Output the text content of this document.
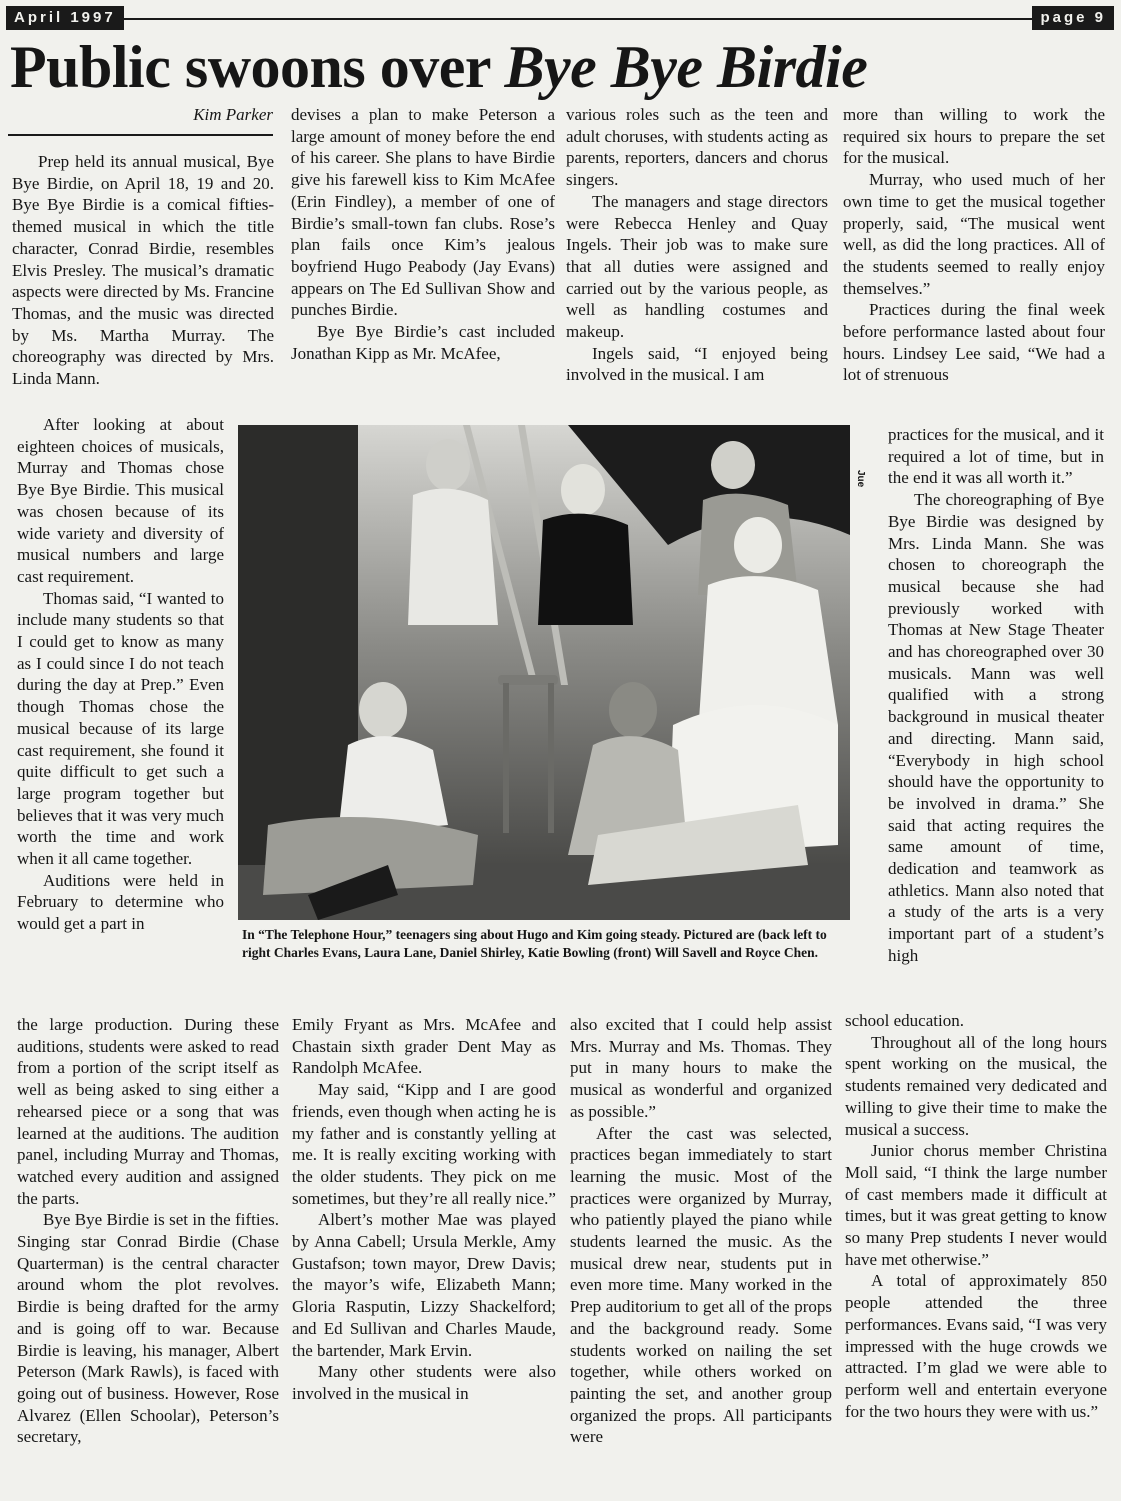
April 1997	page 9
Public swoons over Bye Bye Birdie
Kim Parker

Prep held its annual musical, Bye Bye Birdie, on April 18, 19 and 20. Bye Bye Birdie is a comical fifties-themed musical in which the title character, Conrad Birdie, resembles Elvis Presley. The musical’s dramatic aspects were directed by Ms. Francine Thomas, and the music was directed by Ms. Martha Murray. The choreography was directed by Mrs. Linda Mann.

After looking at about eighteen choices of musicals, Murray and Thomas chose Bye Bye Birdie. This musical was chosen because of its wide variety and diversity of musical numbers and large cast requirement.

Thomas said, “I wanted to include many students so that I could get to know as many as I could since I do not teach during the day at Prep.” Even though Thomas chose the musical because of its large cast requirement, she found it quite difficult to get such a large program together but believes that it was very much worth the time and work when it all came together.

Auditions were held in February to determine who would get a part in

the large production. During these auditions, students were asked to read from a portion of the script itself as well as being asked to sing either a rehearsed piece or a song that was learned at the auditions. The audition panel, including Murray and Thomas, watched every audition and assigned the parts.

Bye Bye Birdie is set in the fifties. Singing star Conrad Birdie (Chase Quarterman) is the central character around whom the plot revolves. Birdie is being drafted for the army and is going off to war. Because Birdie is leaving, his manager, Albert Peterson (Mark Rawls), is faced with going out of business. However, Rose Alvarez (Ellen Schoolar), Peterson’s secretary,

devises a plan to make Peterson a large amount of money before the end of his career. She plans to have Birdie give his farewell kiss to Kim McAfee (Erin Findley), a member of one of Birdie’s small-town fan clubs. Rose’s plan fails once Kim’s jealous boyfriend Hugo Peabody (Jay Evans) appears on The Ed Sullivan Show and punches Birdie.

Bye Bye Birdie’s cast included Jonathan Kipp as Mr. McAfee,

Emily Fryant as Mrs. McAfee and Chastain sixth grader Dent May as Randolph McAfee.

May said, “Kipp and I are good friends, even though when acting he is my father and is constantly yelling at me. It is really exciting working with the older students. They pick on me sometimes, but they’re all really nice.”

Albert’s mother Mae was played by Anna Cabell; Ursula Merkle, Amy Gustafson; town mayor, Drew Davis; the mayor’s wife, Elizabeth Mann; Gloria Rasputin, Lizzy Shackelford; and Ed Sullivan and Charles Maude, the bartender, Mark Ervin.

Many other students were also involved in the musical in

various roles such as the teen and adult choruses, with students acting as parents, reporters, dancers and chorus singers.

The managers and stage directors were Rebecca Henley and Quay Ingels. Their job was to make sure that all duties were assigned and carried out by the various people, as well as handling costumes and makeup.

Ingels said, “I enjoyed being involved in the musical. I am

also excited that I could help assist Mrs. Murray and Ms. Thomas. They put in many hours to make the musical as wonderful and organized as possible.”

After the cast was selected, practices began immediately to start learning the music. Most of the practices were organized by Murray, who patiently played the piano while students learned the music. As the musical drew near, students put in even more time. Many worked in the Prep auditorium to get all of the props and the background ready. Some students worked on nailing the set together, while others worked on painting the set, and another group organized the props. All participants were

more than willing to work the required six hours to prepare the set for the musical.

Murray, who used much of her own time to get the musical together properly, said, “The musical went well, as did the long practices. All of the students seemed to really enjoy themselves.”

Practices during the final week before performance lasted about four hours. Lindsey Lee said, “We had a lot of strenuous

practices for the musical, and it required a lot of time, but in the end it was all worth it.”

The choreographing of Bye Bye Birdie was designed by Mrs. Linda Mann. She was chosen to choreograph the musical because she had previously worked with Thomas at New Stage Theater and has choreographed over 30 musicals. Mann was well qualified with a strong background in musical theater and directing. Mann said, “Everybody in high school should have the opportunity to be involved in drama.” She said that acting requires the same amount of time, dedication and teamwork as athletics. Mann also noted that a study of the arts is a very important part of a student’s high

school education.

Throughout all of the long hours spent working on the musical, the students remained very dedicated and willing to give their time to make the musical a success.

Junior chorus member Christina Moll said, “I think the large number of cast members made it difficult at times, but it was great getting to know so many Prep students I never would have met otherwise.”

A total of approximately 850 people attended the three performances. Evans said, “I was very impressed with the huge crowds we attracted. I’m glad we were able to perform well and entertain everyone for the two hours they were with us.”

Jue
In “The Telephone Hour,” teenagers sing about Hugo and Kim going steady. Pictured are (back left to right Charles Evans, Laura Lane, Daniel Shirley, Katie Bowling (front) Will Savell and Royce Chen.
